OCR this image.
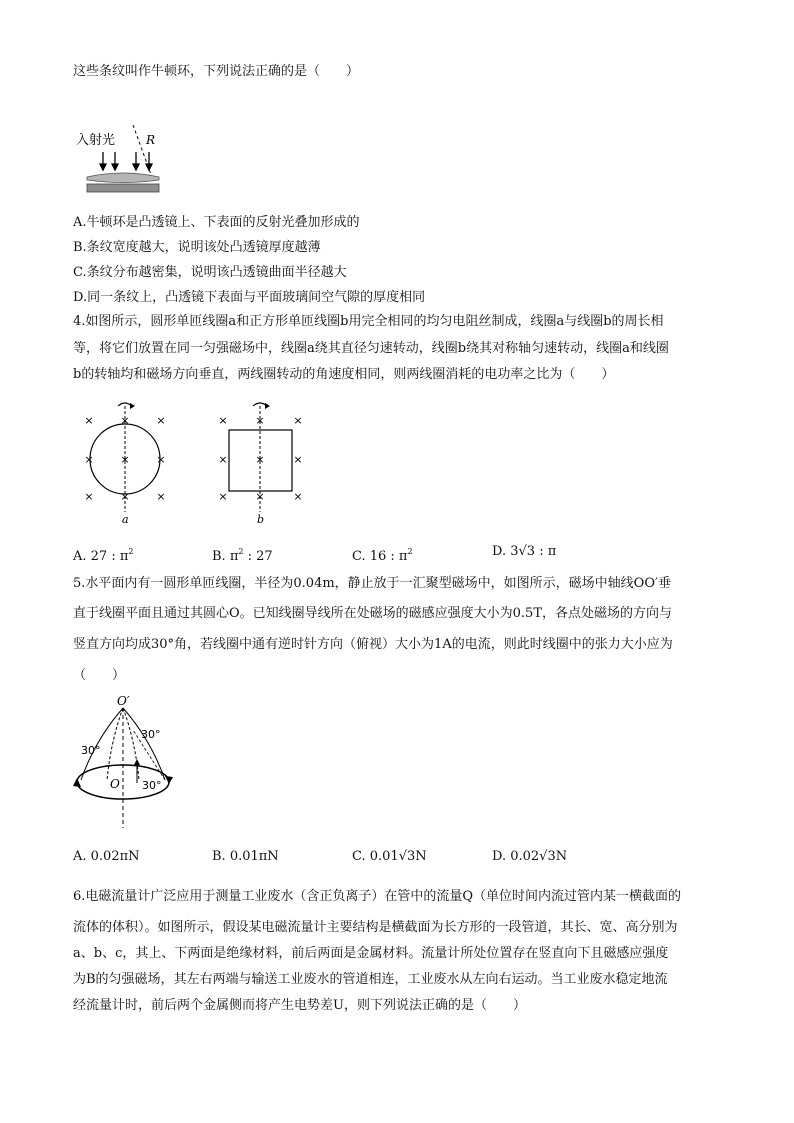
这些条纹叫作牛顿环，下列说法正确的是（　　）
入射光	R
A.牛顿环是凸透镜上、下表面的反射光叠加形成的
B.条纹宽度越大，说明该处凸透镜厚度越薄
C.条纹分布越密集，说明该凸透镜曲面半径越大
D.同一条纹上，凸透镜下表面与平面玻璃间空气隙的厚度相同
4.如图所示，圆形单匝线圈a和正方形单匝线圈b用完全相同的均匀电阻丝制成，线圈a与线圈b的周长相
等，将它们放置在同一匀强磁场中，线圈a绕其直径匀速转动，线圈b绕其对称轴匀速转动，线圈a和线圈
b的转轴均和磁场方向垂直，两线圈转动的角速度相同，则两线圈消耗的电功率之比为（　　）
×
×
×
×
×
×
×
×
×
×
×
×
×
×
×
×
×
×
a	b
A. 27 : $\pi^2$	B. $\pi^2$ : 27	C. 16 : $\pi^2$	D. 3√3 : π
5.水平面内有一圆形单匝线圈，半径为0.04m，静止放于一汇聚型磁场中，如图所示，磁场中轴线OO′垂
直于线圈平面且通过其圆心O。已知线圈导线所在处磁场的磁感应强度大小为0.5T，各点处磁场的方向与
竖直方向均成30°角，若线圈中通有逆时针方向（俯视）大小为1A的电流，则此时线圈中的张力大小应为
（　　）
O′
O
30°
30°
30°
A. 0.02πN	B. 0.01πN	C. 0.01√3N	D. 0.02√3N
6.电磁流量计广泛应用于测量工业废水（含正负离子）在管中的流量Q（单位时间内流过管内某一横截面的
流体的体积）。如图所示，假设某电磁流量计主要结构是横截面为长方形的一段管道，其长、宽、高分别为
a、b、c，其上、下两面是绝缘材料，前后两面是金属材料。流量计所处位置存在竖直向下且磁感应强度
为B的匀强磁场，其左右两端与输送工业废水的管道相连，工业废水从左向右运动。当工业废水稳定地流
经流量计时，前后两个金属侧而将产生电势差U，则下列说法正确的是（　　）
